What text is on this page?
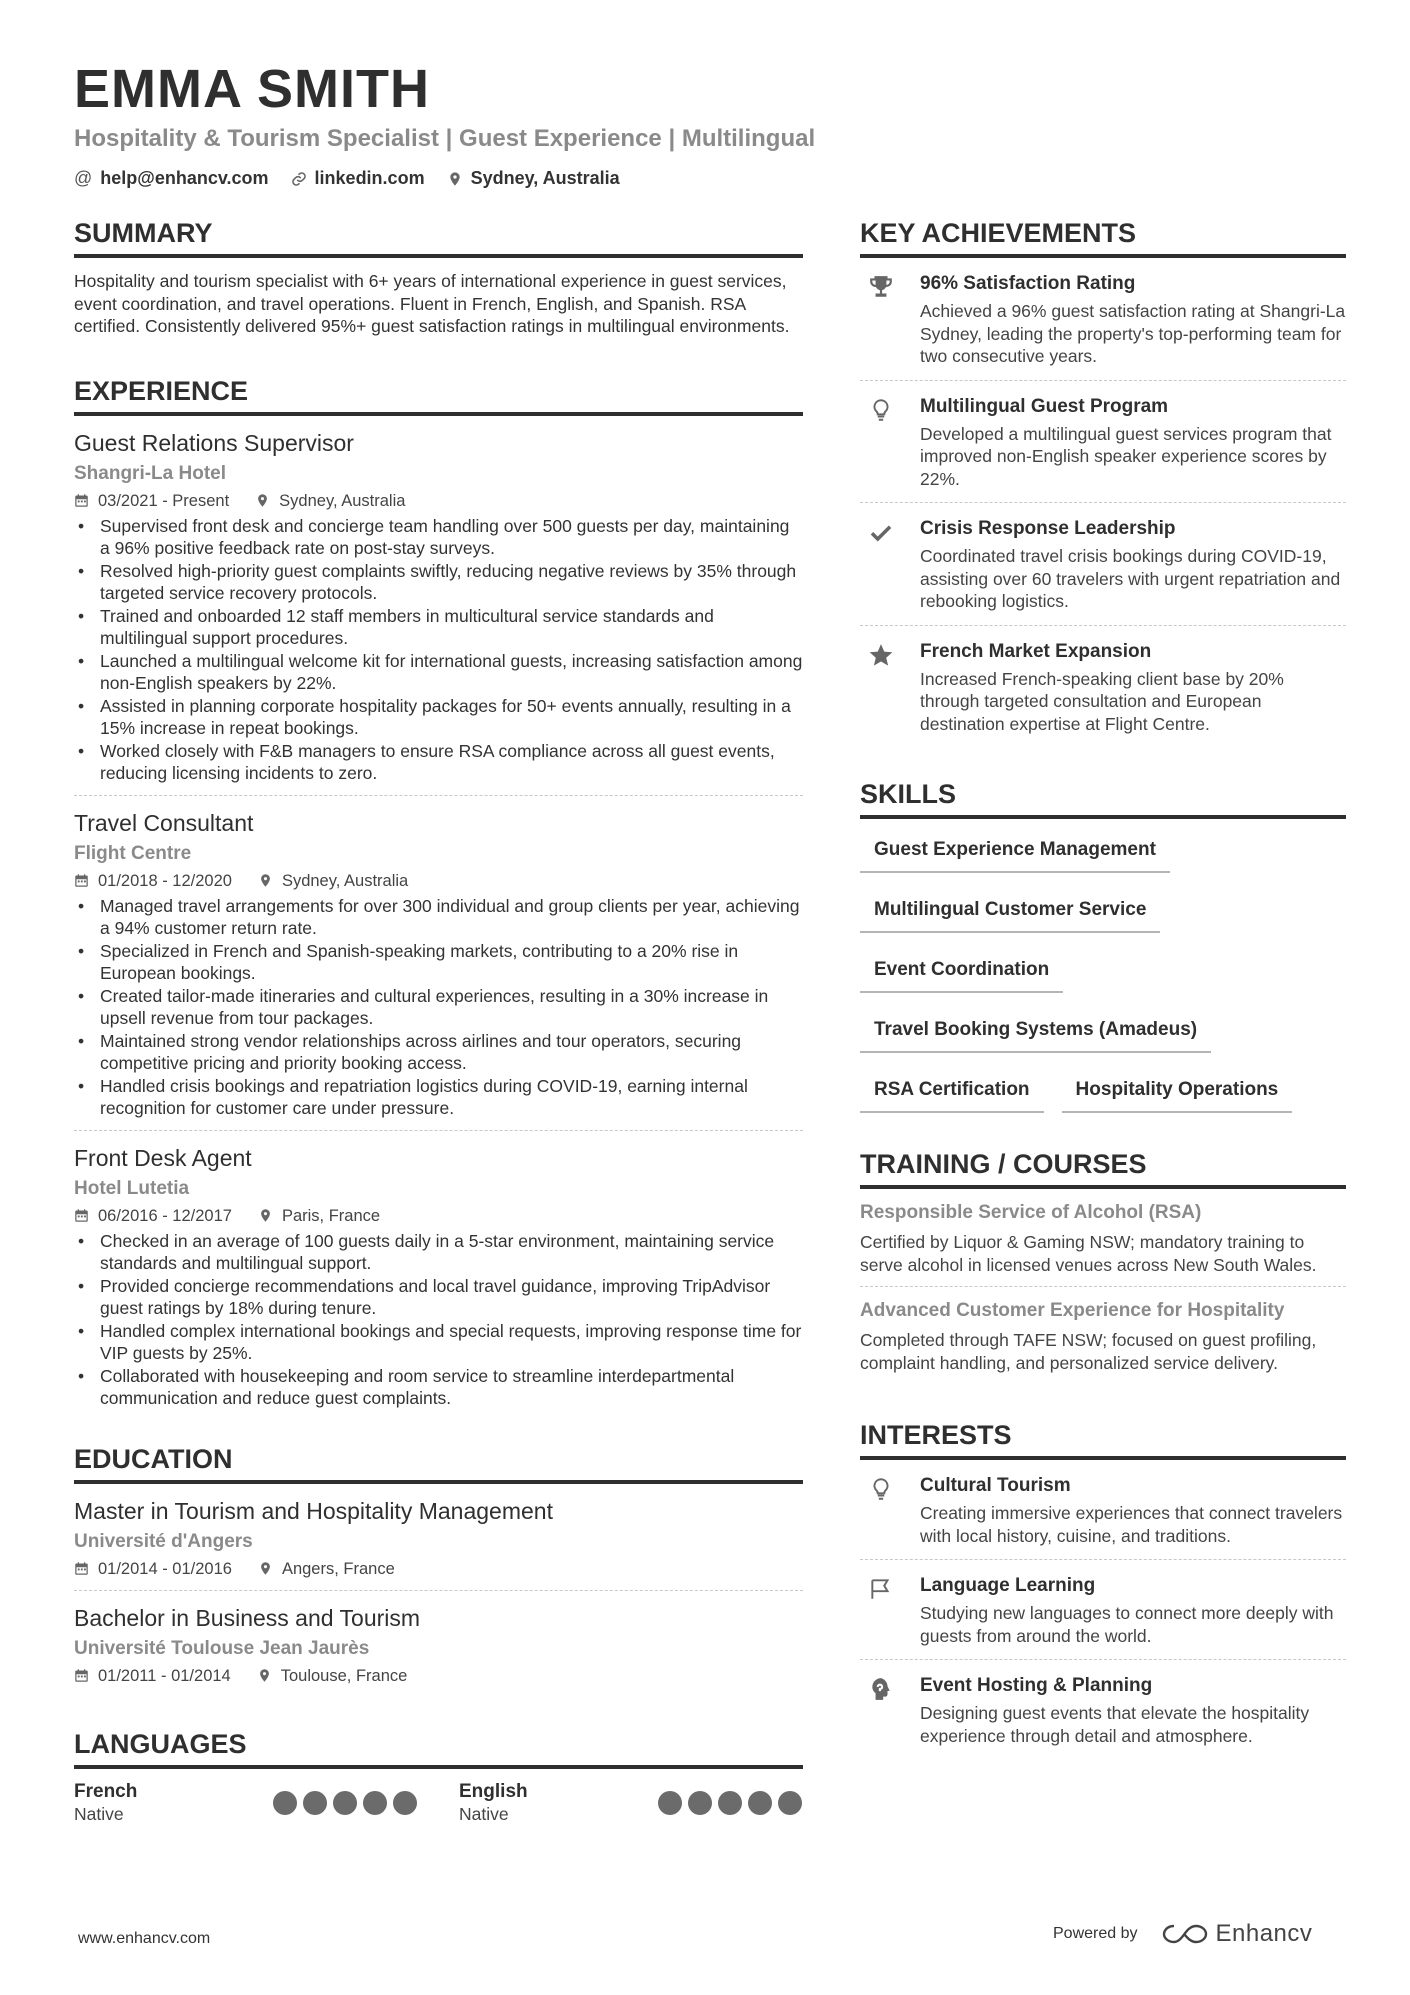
EMMA SMITH
Hospitality & Tourism Specialist | Guest Experience | Multilingual
@ help@enhancv.com	linkedin.com	Sydney, Australia
SUMMARY
Hospitality and tourism specialist with 6+ years of international experience in guest services, event coordination, and travel operations. Fluent in French, English, and Spanish. RSA certified. Consistently delivered 95%+ guest satisfaction ratings in multilingual environments.
EXPERIENCE
Guest Relations Supervisor
Shangri-La Hotel
03/2021 - Present	Sydney, Australia
• Supervised front desk and concierge team handling over 500 guests per day, maintaining a 96% positive feedback rate on post-stay surveys.
• Resolved high-priority guest complaints swiftly, reducing negative reviews by 35% through targeted service recovery protocols.
• Trained and onboarded 12 staff members in multicultural service standards and multilingual support procedures.
• Launched a multilingual welcome kit for international guests, increasing satisfaction among non-English speakers by 22%.
• Assisted in planning corporate hospitality packages for 50+ events annually, resulting in a 15% increase in repeat bookings.
• Worked closely with F&B managers to ensure RSA compliance across all guest events, reducing licensing incidents to zero.
Travel Consultant
Flight Centre
01/2018 - 12/2020	Sydney, Australia
• Managed travel arrangements for over 300 individual and group clients per year, achieving a 94% customer return rate.
• Specialized in French and Spanish-speaking markets, contributing to a 20% rise in European bookings.
• Created tailor-made itineraries and cultural experiences, resulting in a 30% increase in upsell revenue from tour packages.
• Maintained strong vendor relationships across airlines and tour operators, securing competitive pricing and priority booking access.
• Handled crisis bookings and repatriation logistics during COVID-19, earning internal recognition for customer care under pressure.
Front Desk Agent
Hotel Lutetia
06/2016 - 12/2017	Paris, France
• Checked in an average of 100 guests daily in a 5-star environment, maintaining service standards and multilingual support.
• Provided concierge recommendations and local travel guidance, improving TripAdvisor guest ratings by 18% during tenure.
• Handled complex international bookings and special requests, improving response time for VIP guests by 25%.
• Collaborated with housekeeping and room service to streamline interdepartmental communication and reduce guest complaints.
EDUCATION
Master in Tourism and Hospitality Management
Université d'Angers
01/2014 - 01/2016	Angers, France
Bachelor in Business and Tourism
Université Toulouse Jean Jaurès
01/2011 - 01/2014	Toulouse, France
LANGUAGES
French
Native
English
Native
KEY ACHIEVEMENTS
96% Satisfaction Rating
Achieved a 96% guest satisfaction rating at Shangri-La Sydney, leading the property's top-performing team for two consecutive years.
Multilingual Guest Program
Developed a multilingual guest services program that improved non-English speaker experience scores by 22%.
Crisis Response Leadership
Coordinated travel crisis bookings during COVID-19, assisting over 60 travelers with urgent repatriation and rebooking logistics.
French Market Expansion
Increased French-speaking client base by 20% through targeted consultation and European destination expertise at Flight Centre.
SKILLS
Guest Experience Management
Multilingual Customer Service
Event Coordination
Travel Booking Systems (Amadeus)
RSA Certification	Hospitality Operations
TRAINING / COURSES
Responsible Service of Alcohol (RSA)
Certified by Liquor & Gaming NSW; mandatory training to serve alcohol in licensed venues across New South Wales.
Advanced Customer Experience for Hospitality
Completed through TAFE NSW; focused on guest profiling, complaint handling, and personalized service delivery.
INTERESTS
Cultural Tourism
Creating immersive experiences that connect travelers with local history, cuisine, and traditions.
Language Learning
Studying new languages to connect more deeply with guests from around the world.
Event Hosting & Planning
Designing guest events that elevate the hospitality experience through detail and atmosphere.
www.enhancv.com	Powered by	Enhancv
